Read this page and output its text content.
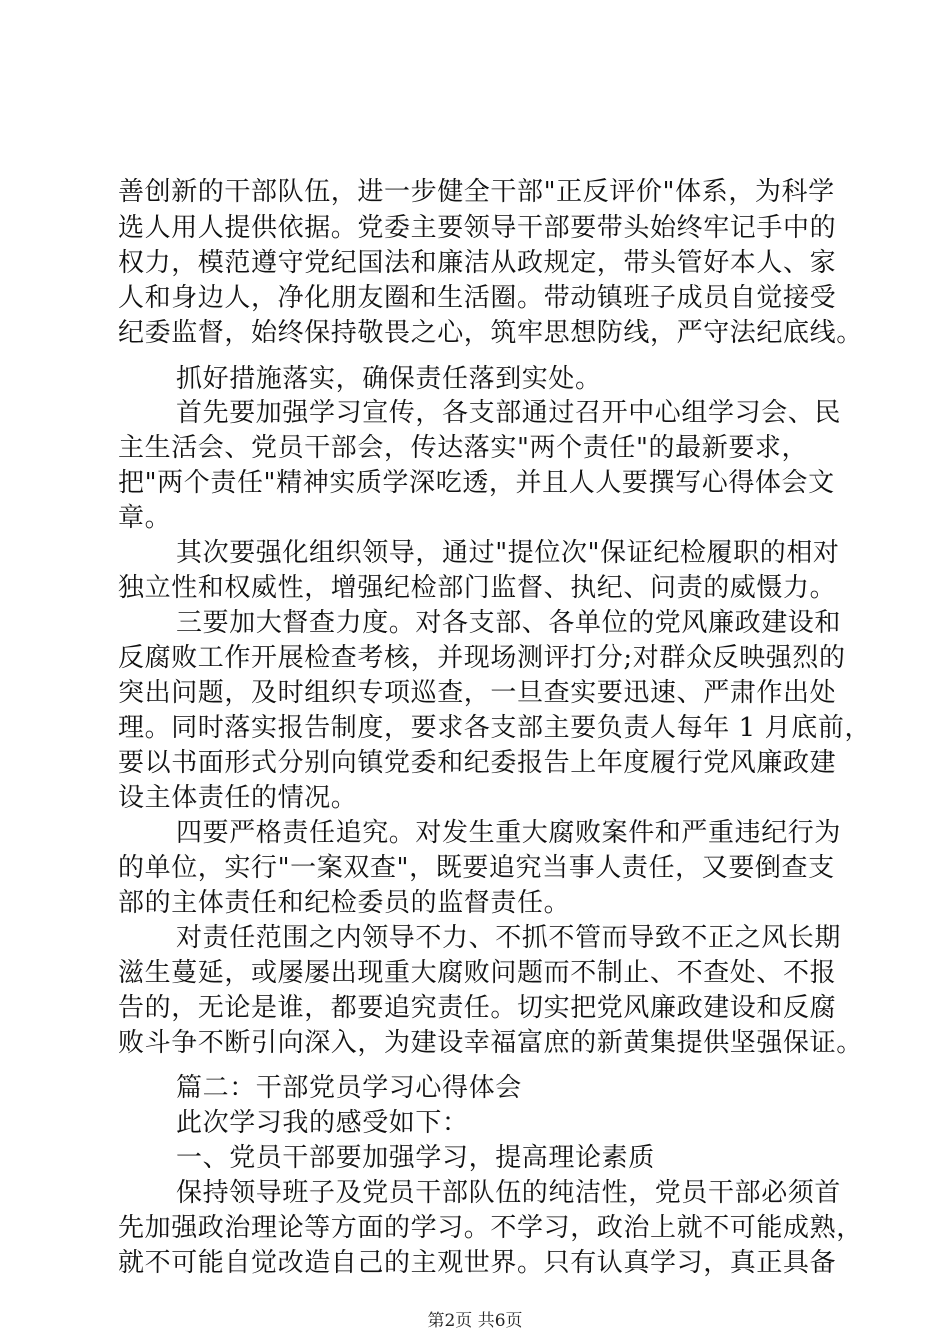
善创新的干部队伍，进一步健全干部"正反评价"体系，为科学
选人用人提供依据。党委主要领导干部要带头始终牢记手中的
权力，模范遵守党纪国法和廉洁从政规定，带头管好本人、家
人和身边人，净化朋友圈和生活圈。带动镇班子成员自觉接受
纪委监督，始终保持敬畏之心，筑牢思想防线，严守法纪底线。
抓好措施落实，确保责任落到实处。
首先要加强学习宣传，各支部通过召开中心组学习会、民
主生活会、党员干部会，传达落实"两个责任"的最新要求，
把"两个责任"精神实质学深吃透，并且人人要撰写心得体会文
章。
其次要强化组织领导，通过"提位次"保证纪检履职的相对
独立性和权威性，增强纪检部门监督、执纪、问责的威慑力。
三要加大督查力度。对各支部、各单位的党风廉政建设和
反腐败工作开展检查考核，并现场测评打分;对群众反映强烈的
突出问题，及时组织专项巡查，一旦查实要迅速、严肃作出处
理。同时落实报告制度，要求各支部主要负责人每年 1 月底前，
要以书面形式分别向镇党委和纪委报告上年度履行党风廉政建
设主体责任的情况。
四要严格责任追究。对发生重大腐败案件和严重违纪行为
的单位，实行"一案双查"，既要追究当事人责任，又要倒查支
部的主体责任和纪检委员的监督责任。
对责任范围之内领导不力、不抓不管而导致不正之风长期
滋生蔓延，或屡屡出现重大腐败问题而不制止、不查处、不报
告的，无论是谁，都要追究责任。切实把党风廉政建设和反腐
败斗争不断引向深入，为建设幸福富庶的新黄集提供坚强保证。
篇二：干部党员学习心得体会
此次学习我的感受如下：
一、党员干部要加强学习，提高理论素质
保持领导班子及党员干部队伍的纯洁性，党员干部必须首
先加强政治理论等方面的学习。不学习，政治上就不可能成熟，
就不可能自觉改造自己的主观世界。只有认真学习，真正具备
第2页 共6页
